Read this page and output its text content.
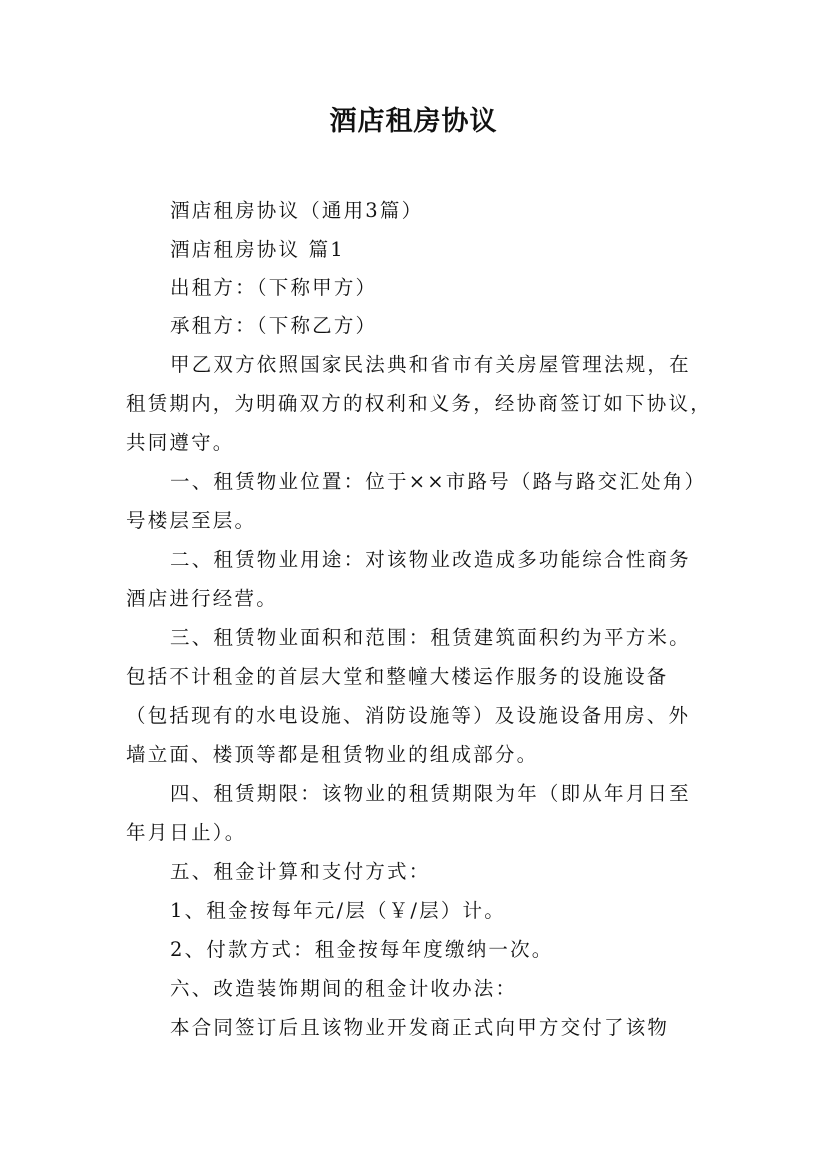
酒店租房协议
酒店租房协议（通用3篇）
酒店租房协议 篇1
出租方：（下称甲方）
承租方：（下称乙方）
甲乙双方依照国家民法典和省市有关房屋管理法规，在
租赁期内，为明确双方的权利和义务，经协商签订如下协议，
共同遵守。
一、租赁物业位置：位于××市路号（路与路交汇处角）
号楼层至层。
二、租赁物业用途：对该物业改造成多功能综合性商务
酒店进行经营。
三、租赁物业面积和范围：租赁建筑面积约为平方米。
包括不计租金的首层大堂和整幢大楼运作服务的设施设备
（包括现有的水电设施、消防设施等）及设施设备用房、外
墙立面、楼顶等都是租赁物业的组成部分。
四、租赁期限：该物业的租赁期限为年（即从年月日至
年月日止）。
五、租金计算和支付方式：
1、租金按每年元/层（￥/层）计。
2、付款方式：租金按每年度缴纳一次。
六、改造装饰期间的租金计收办法：
本合同签订后且该物业开发商正式向甲方交付了该物
